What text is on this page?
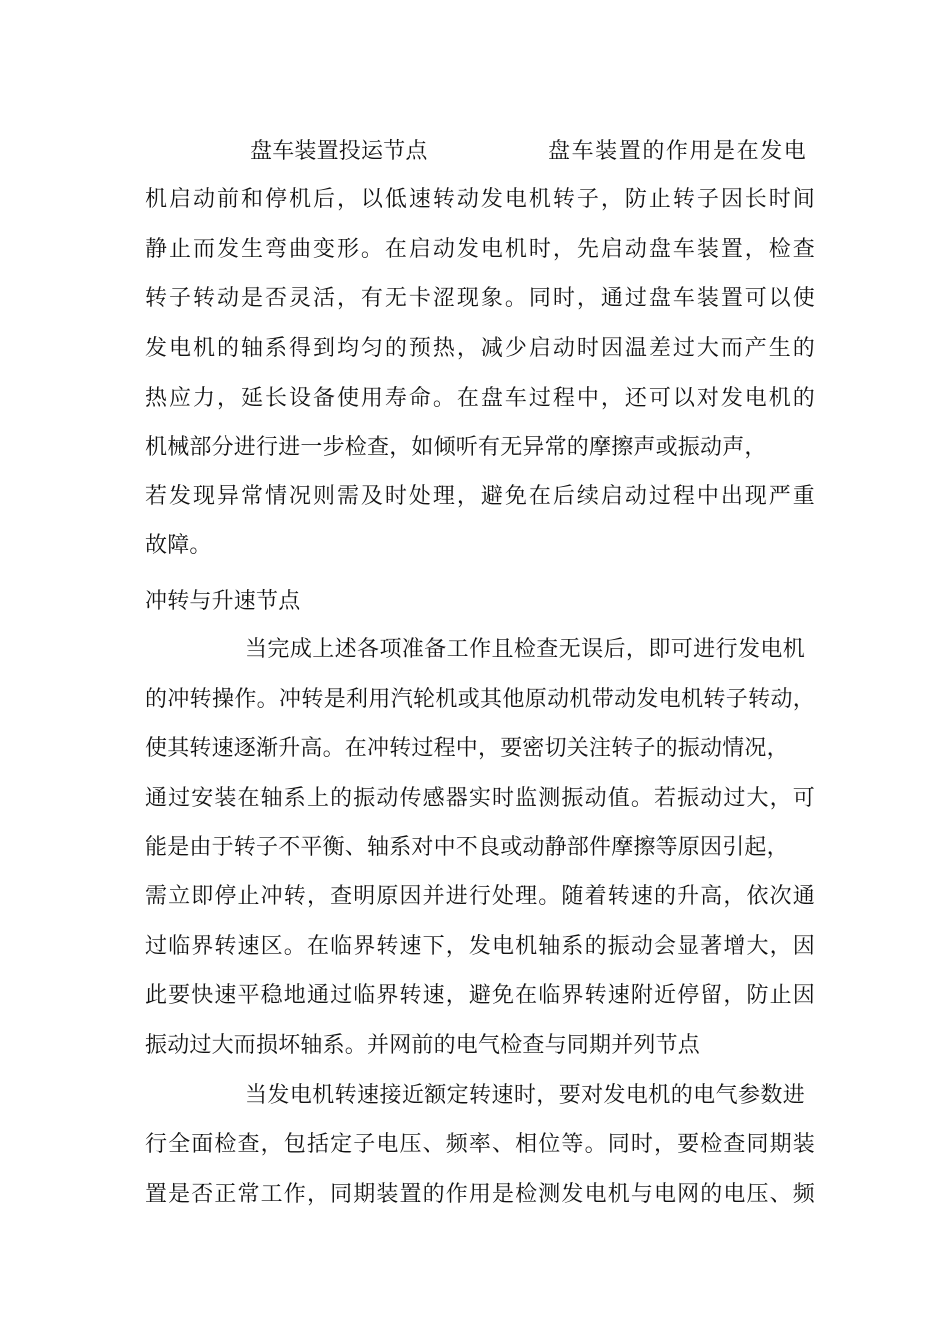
盘车装置投运节点	盘车装置的作用是在发电
机启动前和停机后，以低速转动发电机转子，防止转子因长时间
静止而发生弯曲变形。在启动发电机时，先启动盘车装置，检查
转子转动是否灵活，有无卡涩现象。同时，通过盘车装置可以使
发电机的轴系得到均匀的预热，减少启动时因温差过大而产生的
热应力，延长设备使用寿命。在盘车过程中，还可以对发电机的
机械部分进行进一步检查，如倾听有无异常的摩擦声或振动声，
若发现异常情况则需及时处理，避免在后续启动过程中出现严重
故障。
冲转与升速节点
当完成上述各项准备工作且检查无误后，即可进行发电机
的冲转操作。冲转是利用汽轮机或其他原动机带动发电机转子转动，
使其转速逐渐升高。在冲转过程中，要密切关注转子的振动情况，
通过安装在轴系上的振动传感器实时监测振动值。若振动过大，可
能是由于转子不平衡、轴系对中不良或动静部件摩擦等原因引起，
需立即停止冲转，查明原因并进行处理。随着转速的升高，依次通
过临界转速区。在临界转速下，发电机轴系的振动会显著增大，因
此要快速平稳地通过临界转速，避免在临界转速附近停留，防止因
振动过大而损坏轴系。并网前的电气检查与同期并列节点
当发电机转速接近额定转速时，要对发电机的电气参数进
行全面检查，包括定子电压、频率、相位等。同时，要检查同期装
置是否正常工作，同期装置的作用是检测发电机与电网的电压、频
